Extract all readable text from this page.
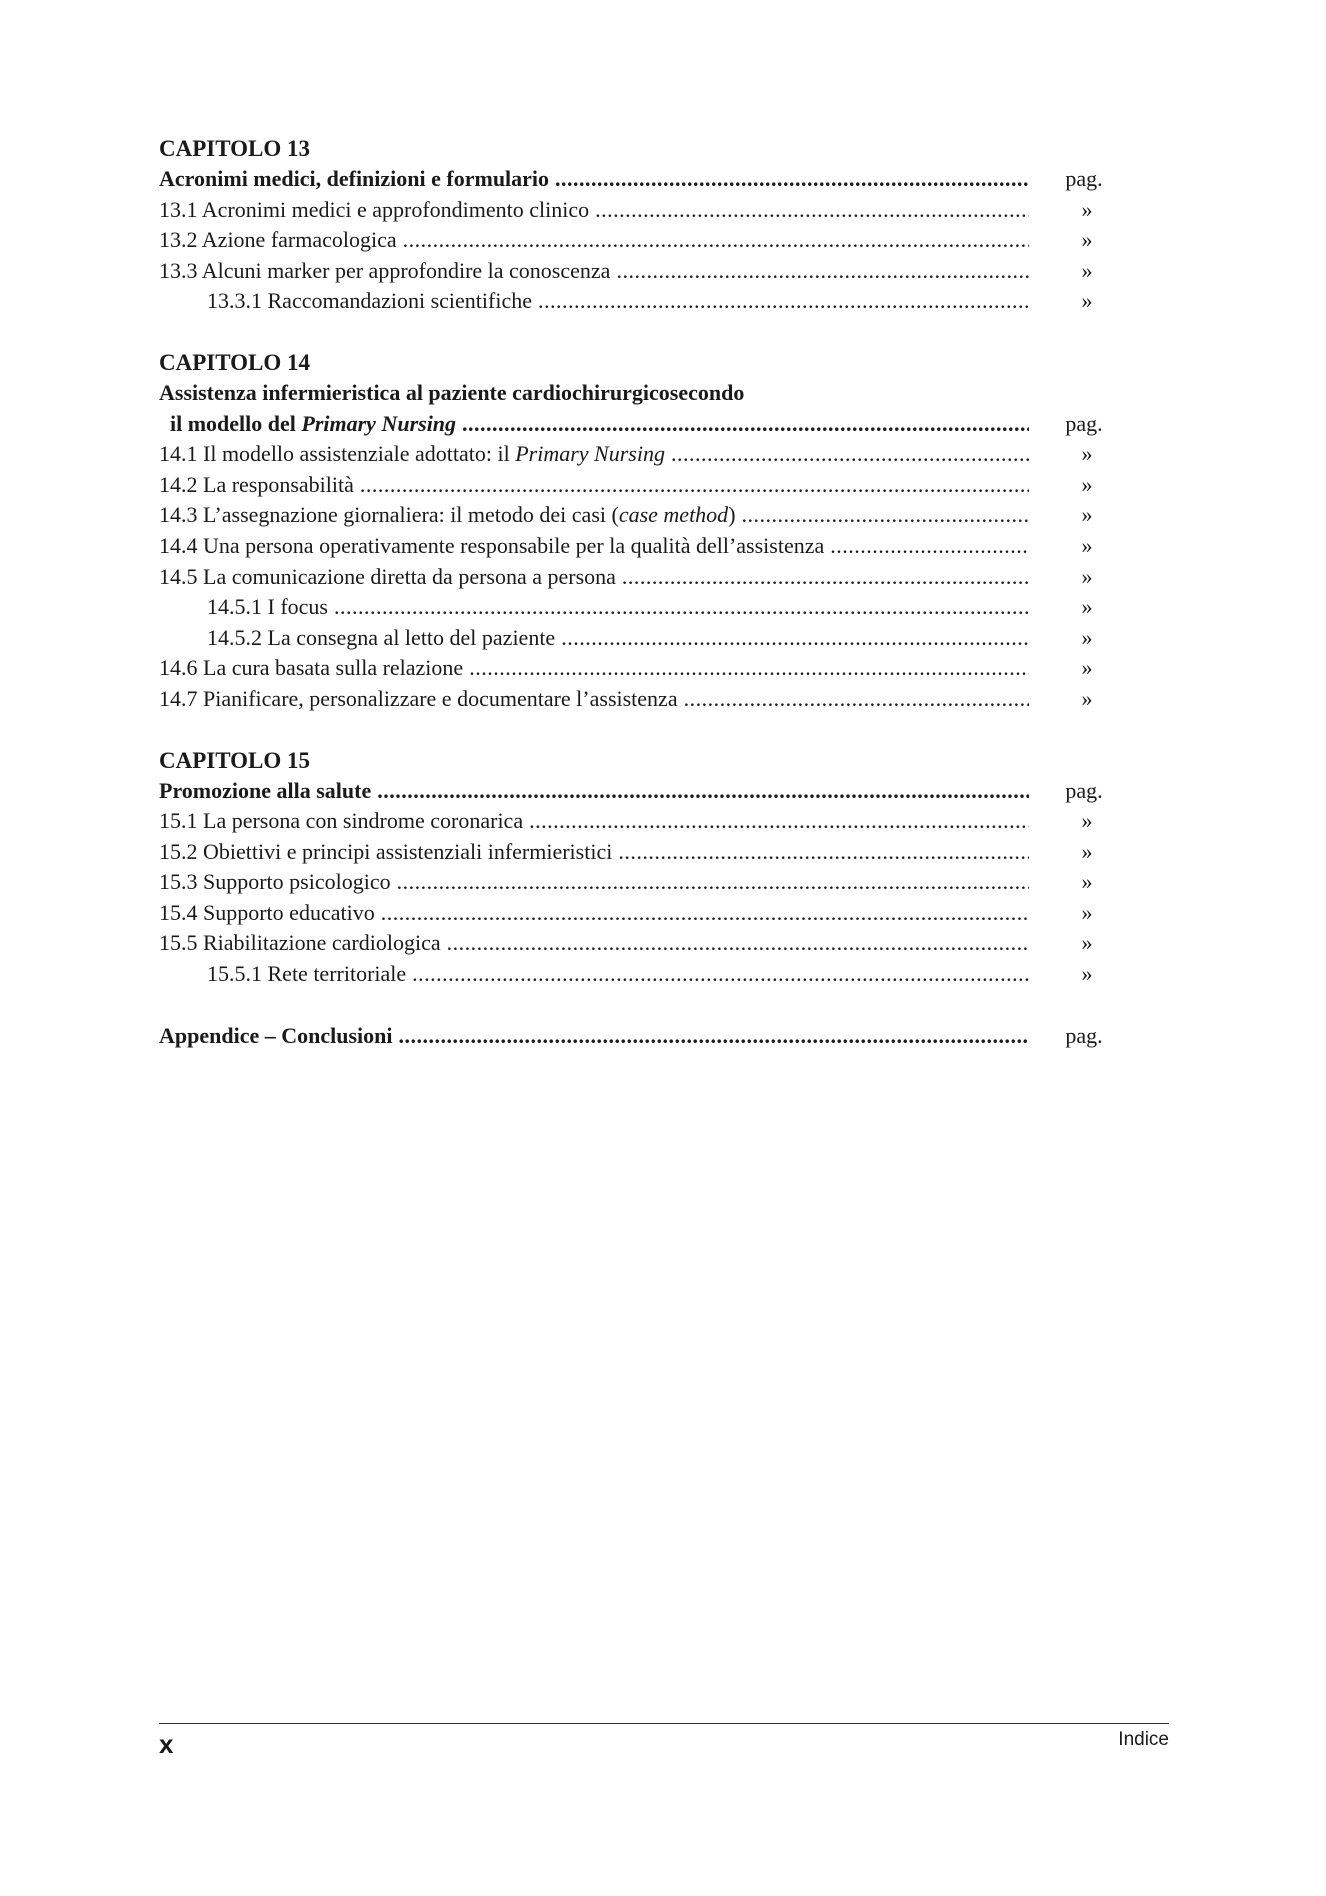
CAPITOLO 13
Acronimi medici, definizioni e formulario .....	pag.
13.1 Acronimi medici e approfondimento clinico .....	»
13.2 Azione farmacologica .....	»
13.3 Alcuni marker per approfondire la conoscenza .....	»
13.3.1 Raccomandazioni scientifiche .....	»
CAPITOLO 14
Assistenza infermieristica al paziente cardiochirurgicosecondo
il modello del Primary Nursing .....	pag.
14.1 Il modello assistenziale adottato: il Primary Nursing .....	»
14.2 La responsabilità .....	»
14.3 L’assegnazione giornaliera: il metodo dei casi (case method) .....	»
14.4 Una persona operativamente responsabile per la qualità dell’assistenza .....	»
14.5 La comunicazione diretta da persona a persona .....	»
14.5.1 I focus .....	»
14.5.2 La consegna al letto del paziente .....	»
14.6 La cura basata sulla relazione .....	»
14.7 Pianificare, personalizzare e documentare l’assistenza .....	»
CAPITOLO 15
Promozione alla salute .....	pag.
15.1 La persona con sindrome coronarica .....	»
15.2 Obiettivi e principi assistenziali infermieristici .....	»
15.3 Supporto psicologico .....	»
15.4 Supporto educativo .....	»
15.5 Riabilitazione cardiologica .....	»
15.5.1 Rete territoriale .....	»
Appendice – Conclusioni .....	pag.
x	Indice
